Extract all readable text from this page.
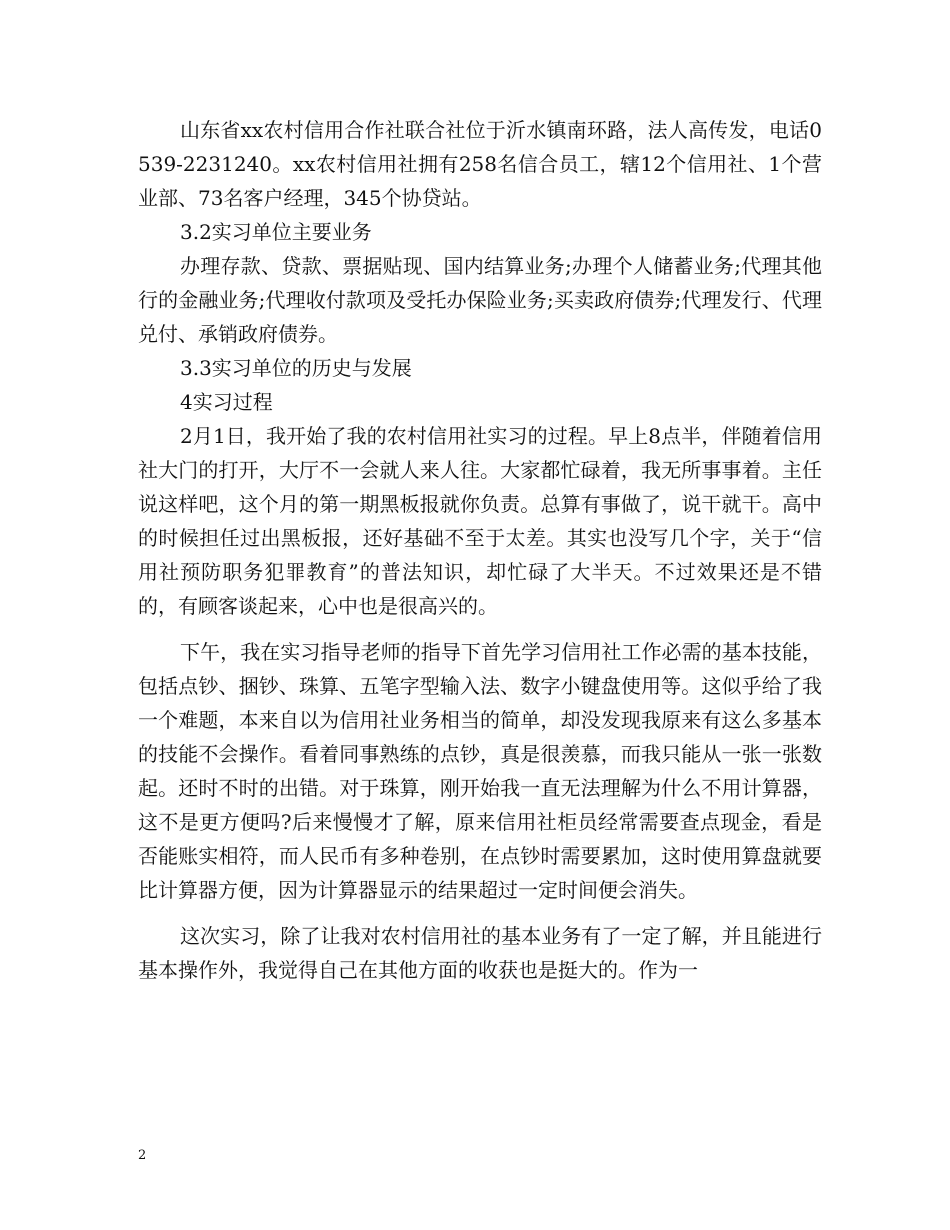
山东省xx农村信用合作社联合社位于沂水镇南环路，法人高传发，电话0539-2231240。xx农村信用社拥有258名信合员工，辖12个信用社、1个营业部、73名客户经理，345个协贷站。

3.2实习单位主要业务

办理存款、贷款、票据贴现、国内结算业务;办理个人储蓄业务;代理其他行的金融业务;代理收付款项及受托办保险业务;买卖政府债券;代理发行、代理兑付、承销政府债券。

3.3实习单位的历史与发展

4实习过程

2月1日，我开始了我的农村信用社实习的过程。早上8点半，伴随着信用社大门的打开，大厅不一会就人来人往。大家都忙碌着，我无所事事着。主任说这样吧，这个月的第一期黑板报就你负责。总算有事做了，说干就干。高中的时候担任过出黑板报，还好基础不至于太差。其实也没写几个字，关于“信用社预防职务犯罪教育”的普法知识，却忙碌了大半天。不过效果还是不错的，有顾客谈起来，心中也是很高兴的。

下午，我在实习指导老师的指导下首先学习信用社工作必需的基本技能，包括点钞、捆钞、珠算、五笔字型输入法、数字小键盘使用等。这似乎给了我一个难题，本来自以为信用社业务相当的简单，却没发现我原来有这么多基本的技能不会操作。看着同事熟练的点钞，真是很羡慕，而我只能从一张一张数起。还时不时的出错。对于珠算，刚开始我一直无法理解为什么不用计算器，这不是更方便吗?后来慢慢才了解，原来信用社柜员经常需要查点现金，看是否能账实相符，而人民币有多种卷别，在点钞时需要累加，这时使用算盘就要比计算器方便，因为计算器显示的结果超过一定时间便会消失。

这次实习，除了让我对农村信用社的基本业务有了一定了解，并且能进行基本操作外，我觉得自己在其他方面的收获也是挺大的。作为一

2
